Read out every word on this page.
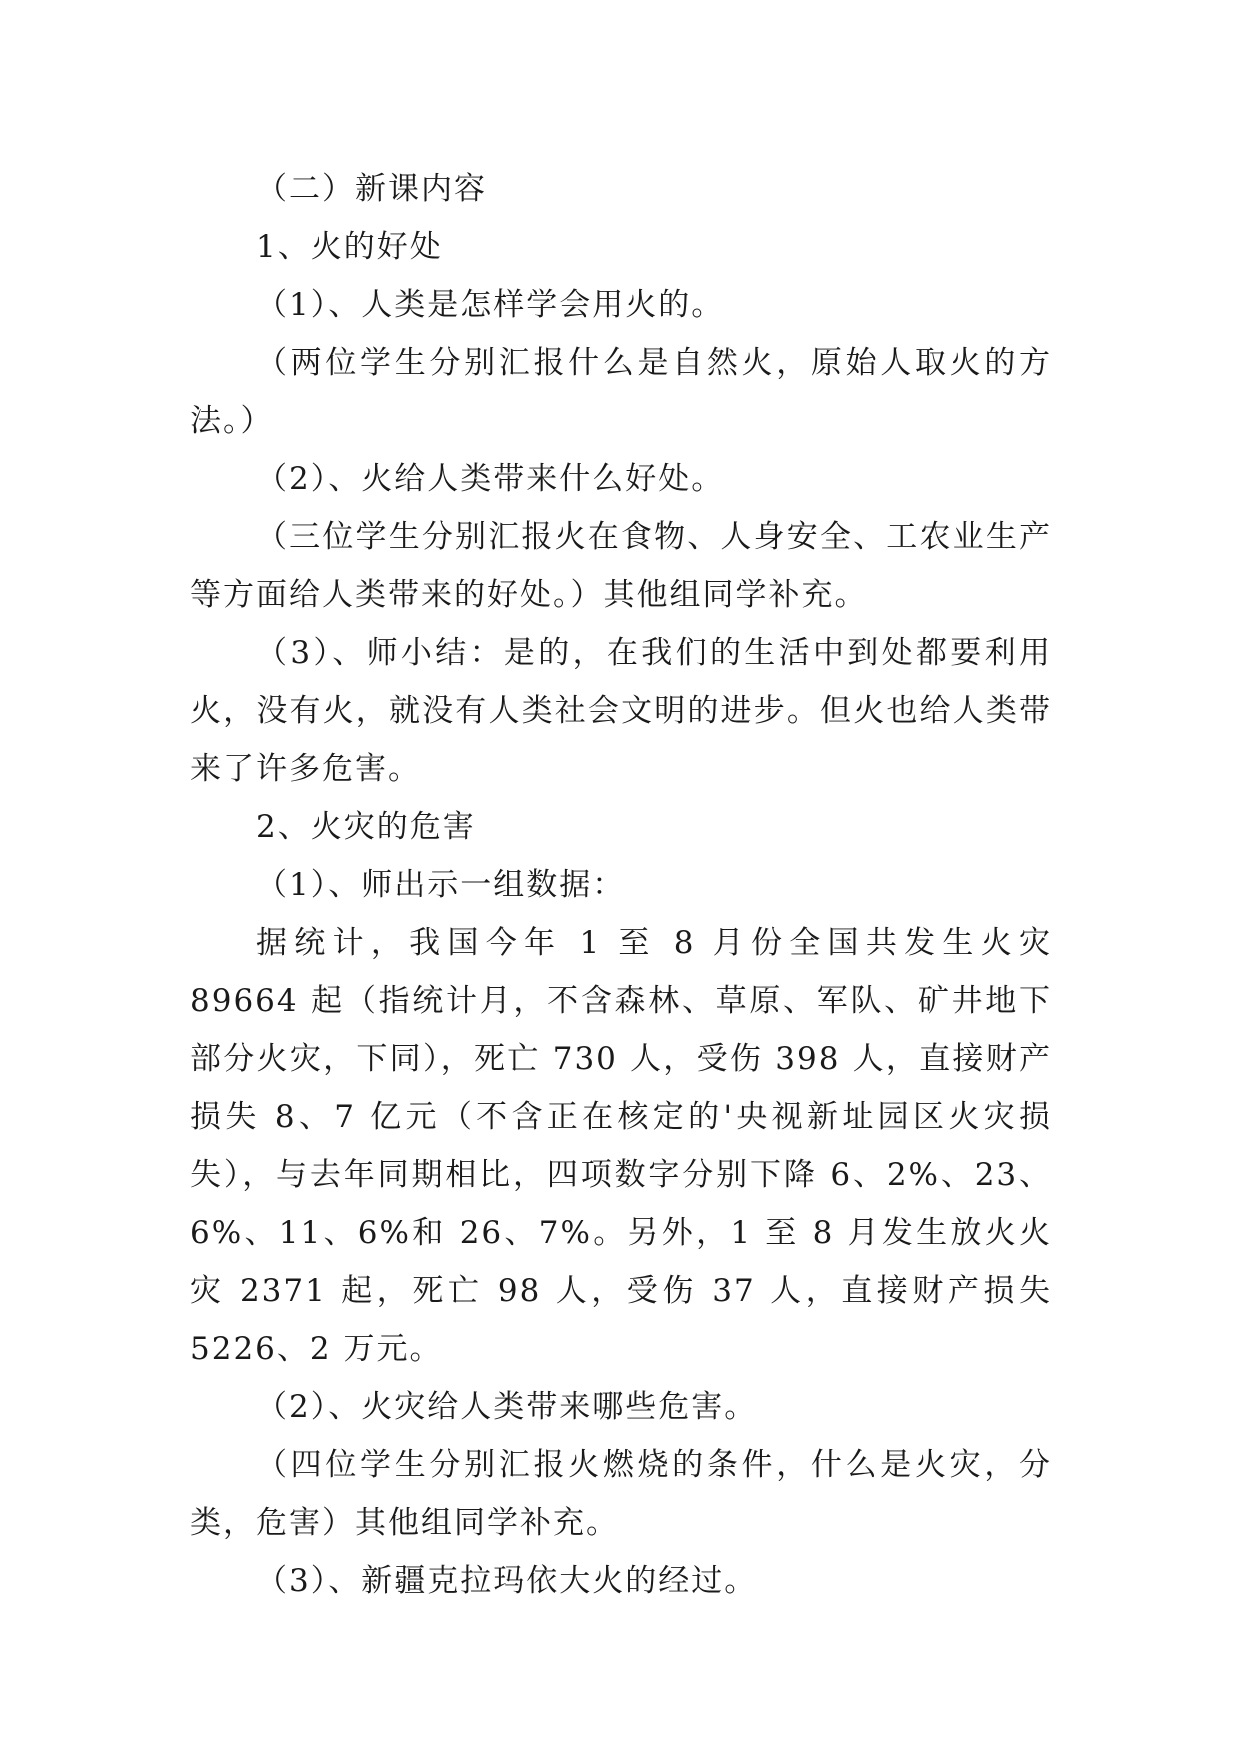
（二）新课内容

1、火的好处

（1）、人类是怎样学会用火的。

（两位学生分别汇报什么是自然火，原始人取火的方法。）

（2）、火给人类带来什么好处。

（三位学生分别汇报火在食物、人身安全、工农业生产等方面给人类带来的好处。）其他组同学补充。

（3）、师小结：是的，在我们的生活中到处都要利用火，没有火，就没有人类社会文明的进步。但火也给人类带来了许多危害。

2、火灾的危害

（1）、师出示一组数据：

据统计，我国今年 1 至 8 月份全国共发生火灾 89664 起（指统计月，不含森林、草原、军队、矿井地下部分火灾，下同），死亡 730 人，受伤 398 人，直接财产损失 8、7 亿元（不含正在核定的'央视新址园区火灾损失），与去年同期相比，四项数字分别下降 6、2%、23、6%、11、6%和 26、7%。另外，1 至 8 月发生放火火灾 2371 起，死亡 98 人，受伤 37 人，直接财产损失 5226、2 万元。

（2）、火灾给人类带来哪些危害。

（四位学生分别汇报火燃烧的条件，什么是火灾，分类，危害）其他组同学补充。

（3）、新疆克拉玛依大火的经过。
